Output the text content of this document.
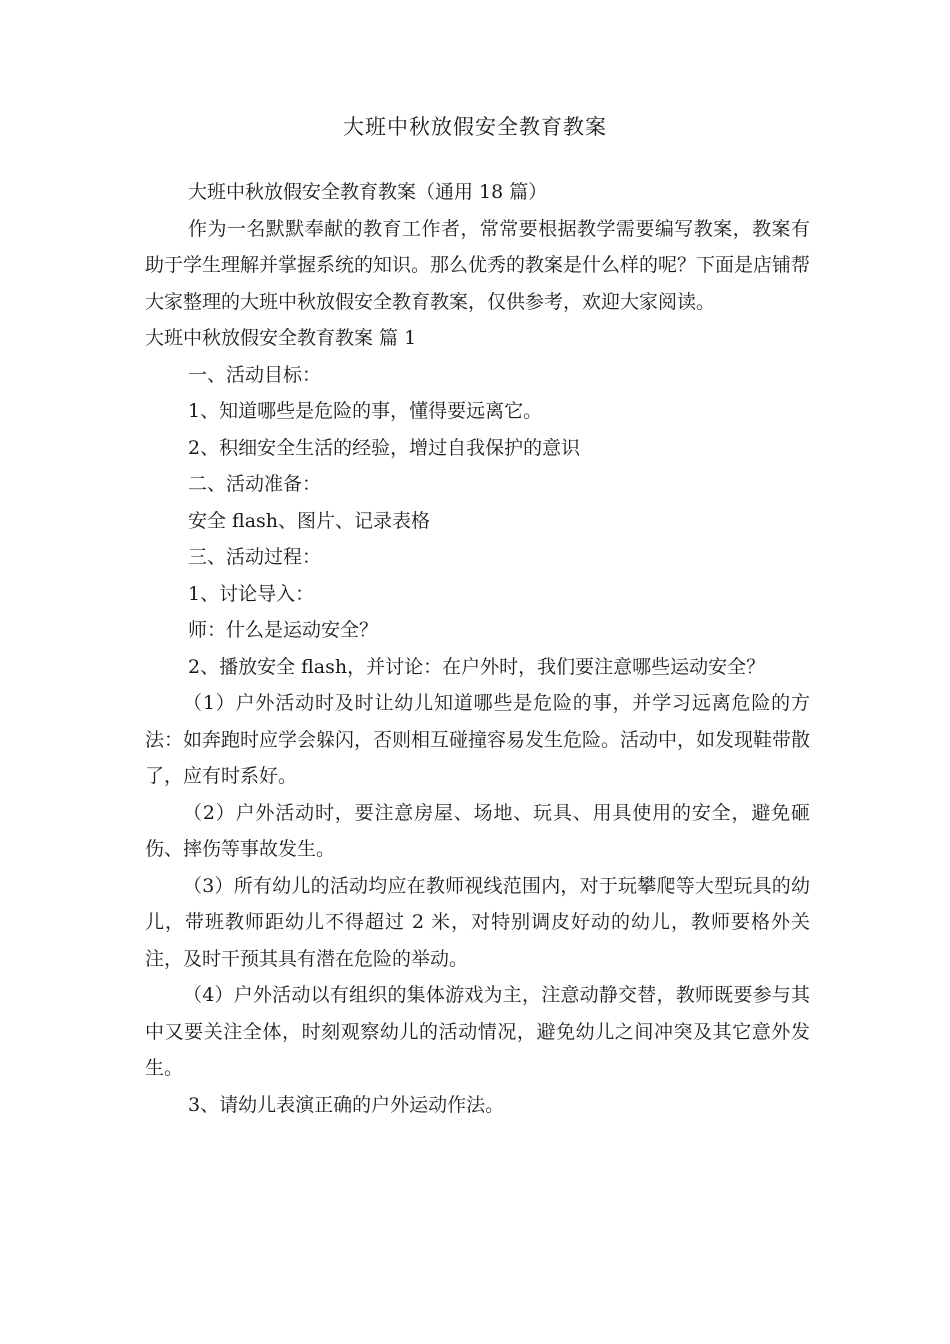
大班中秋放假安全教育教案

大班中秋放假安全教育教案（通用 18 篇）

作为一名默默奉献的教育工作者，常常要根据教学需要编写教案，教案有助于学生理解并掌握系统的知识。那么优秀的教案是什么样的呢？下面是店铺帮大家整理的大班中秋放假安全教育教案，仅供参考，欢迎大家阅读。

大班中秋放假安全教育教案 篇 1

一、活动目标：

1、知道哪些是危险的事，懂得要远离它。

2、积细安全生活的经验，增过自我保护的意识

二、活动准备：

安全 flash、图片、记录表格

三、活动过程：

1、讨论导入：

师：什么是运动安全？

2、播放安全 flash，并讨论：在户外时，我们要注意哪些运动安全？

（1）户外活动时及时让幼儿知道哪些是危险的事，并学习远离危险的方法：如奔跑时应学会躲闪，否则相互碰撞容易发生危险。活动中，如发现鞋带散了，应有时系好。

（2）户外活动时，要注意房屋、场地、玩具、用具使用的安全，避免砸伤、摔伤等事故发生。

（3）所有幼儿的活动均应在教师视线范围内，对于玩攀爬等大型玩具的幼儿，带班教师距幼儿不得超过 2 米，对特别调皮好动的幼儿，教师要格外关注，及时干预其具有潜在危险的举动。

（4）户外活动以有组织的集体游戏为主，注意动静交替，教师既要参与其中又要关注全体，时刻观察幼儿的活动情况，避免幼儿之间冲突及其它意外发生。

3、请幼儿表演正确的户外运动作法。
